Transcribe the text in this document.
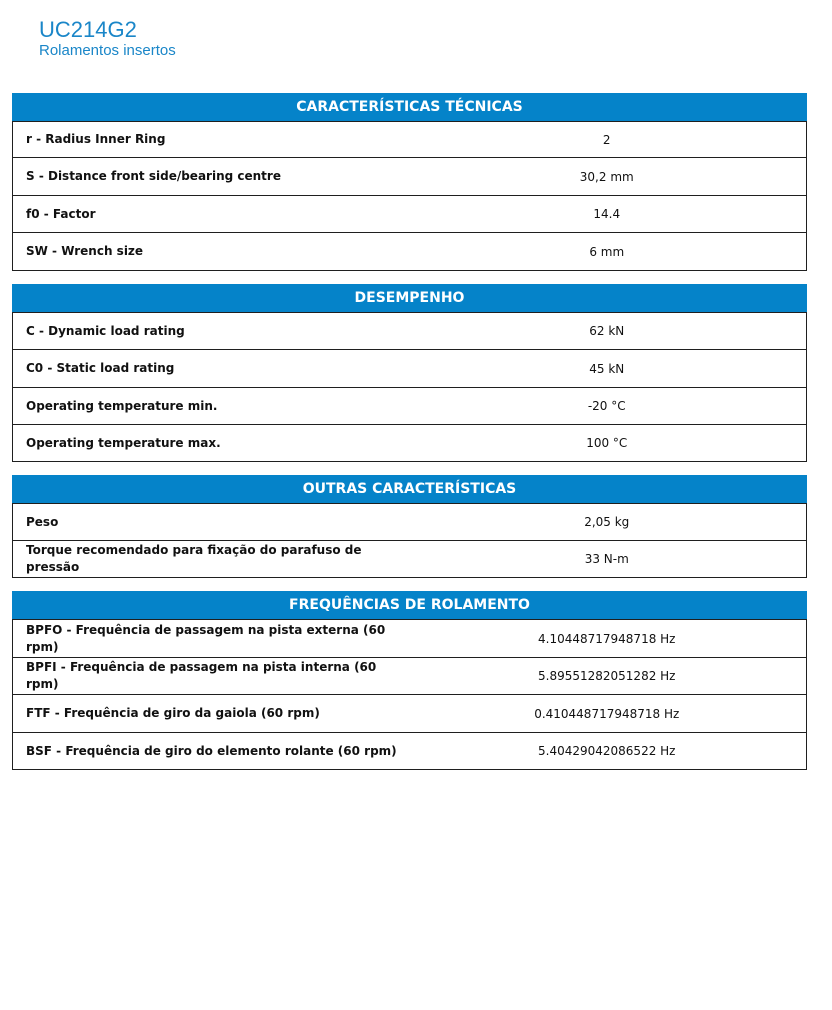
UC214G2
Rolamentos insertos
CARACTERÍSTICAS TÉCNICAS
r - Radius Inner Ring	2
S - Distance front side/bearing centre	30,2 mm
f0 - Factor	14.4
SW - Wrench size	6 mm
DESEMPENHO
C - Dynamic load rating	62 kN
C0 - Static load rating	45 kN
Operating temperature min.	-20 °C
Operating temperature max.	100 °C
OUTRAS CARACTERÍSTICAS
Peso	2,05 kg
Torque recomendado para fixação do parafuso de pressão	33 N-m
FREQUÊNCIAS DE ROLAMENTO
BPFO - Frequência de passagem na pista externa (60 rpm)	4.10448717948718 Hz
BPFI - Frequência de passagem na pista interna (60 rpm)	5.89551282051282 Hz
FTF - Frequência de giro da gaiola (60 rpm)	0.410448717948718 Hz
BSF - Frequência de giro do elemento rolante (60 rpm)	5.40429042086522 Hz
